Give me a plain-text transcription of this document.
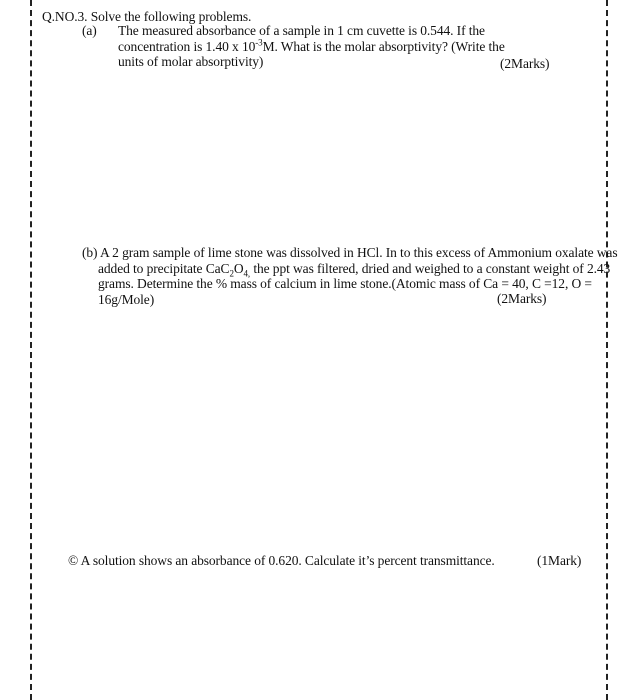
Q.NO.3. Solve the following problems.
(a) The measured absorbance of a sample in 1 cm cuvette is 0.544. If the
concentration is 1.40 x $10^{-3}M$. What is the molar absorptivity? (Write the
units of molar absorptivity)	(2Marks)
(b) A 2 gram sample of lime stone was dissolved in HCl. In to this excess of Ammonium oxalate was
added to precipitate $CaC_2O_{4,}$ the ppt was filtered, dried and weighed to a constant weight of 2.43
grams. Determine the % mass of calcium in lime stone.(Atomic mass of Ca = 40, C =12, O =
16g/Mole)	(2Marks)
© A solution shows an absorbance of 0.620. Calculate it’s percent transmittance.	(1Mark)
